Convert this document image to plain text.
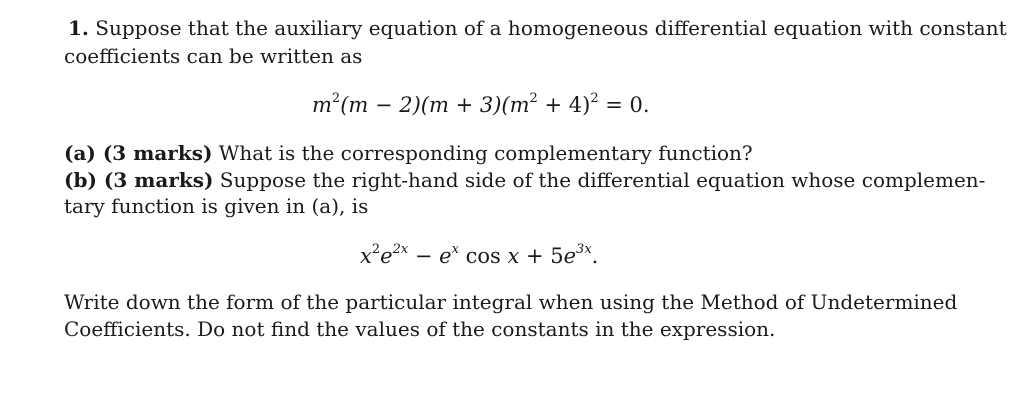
1. Suppose that the auxiliary equation of a homogeneous differential equation with constant
coefficients can be written as
$m^2(m - 2)(m + 3)(m^2 + 4)^2 = 0$.
(a) (3 marks) What is the corresponding complementary function?
(b) (3 marks) Suppose the right-hand side of the differential equation whose complemen-
tary function is given in (a), is
$x^2e^{2x} - e^x$ $\cos x + 5e^{3x}$.
Write down the form of the particular integral when using the Method of Undetermined
Coefficients. Do not find the values of the constants in the expression.
